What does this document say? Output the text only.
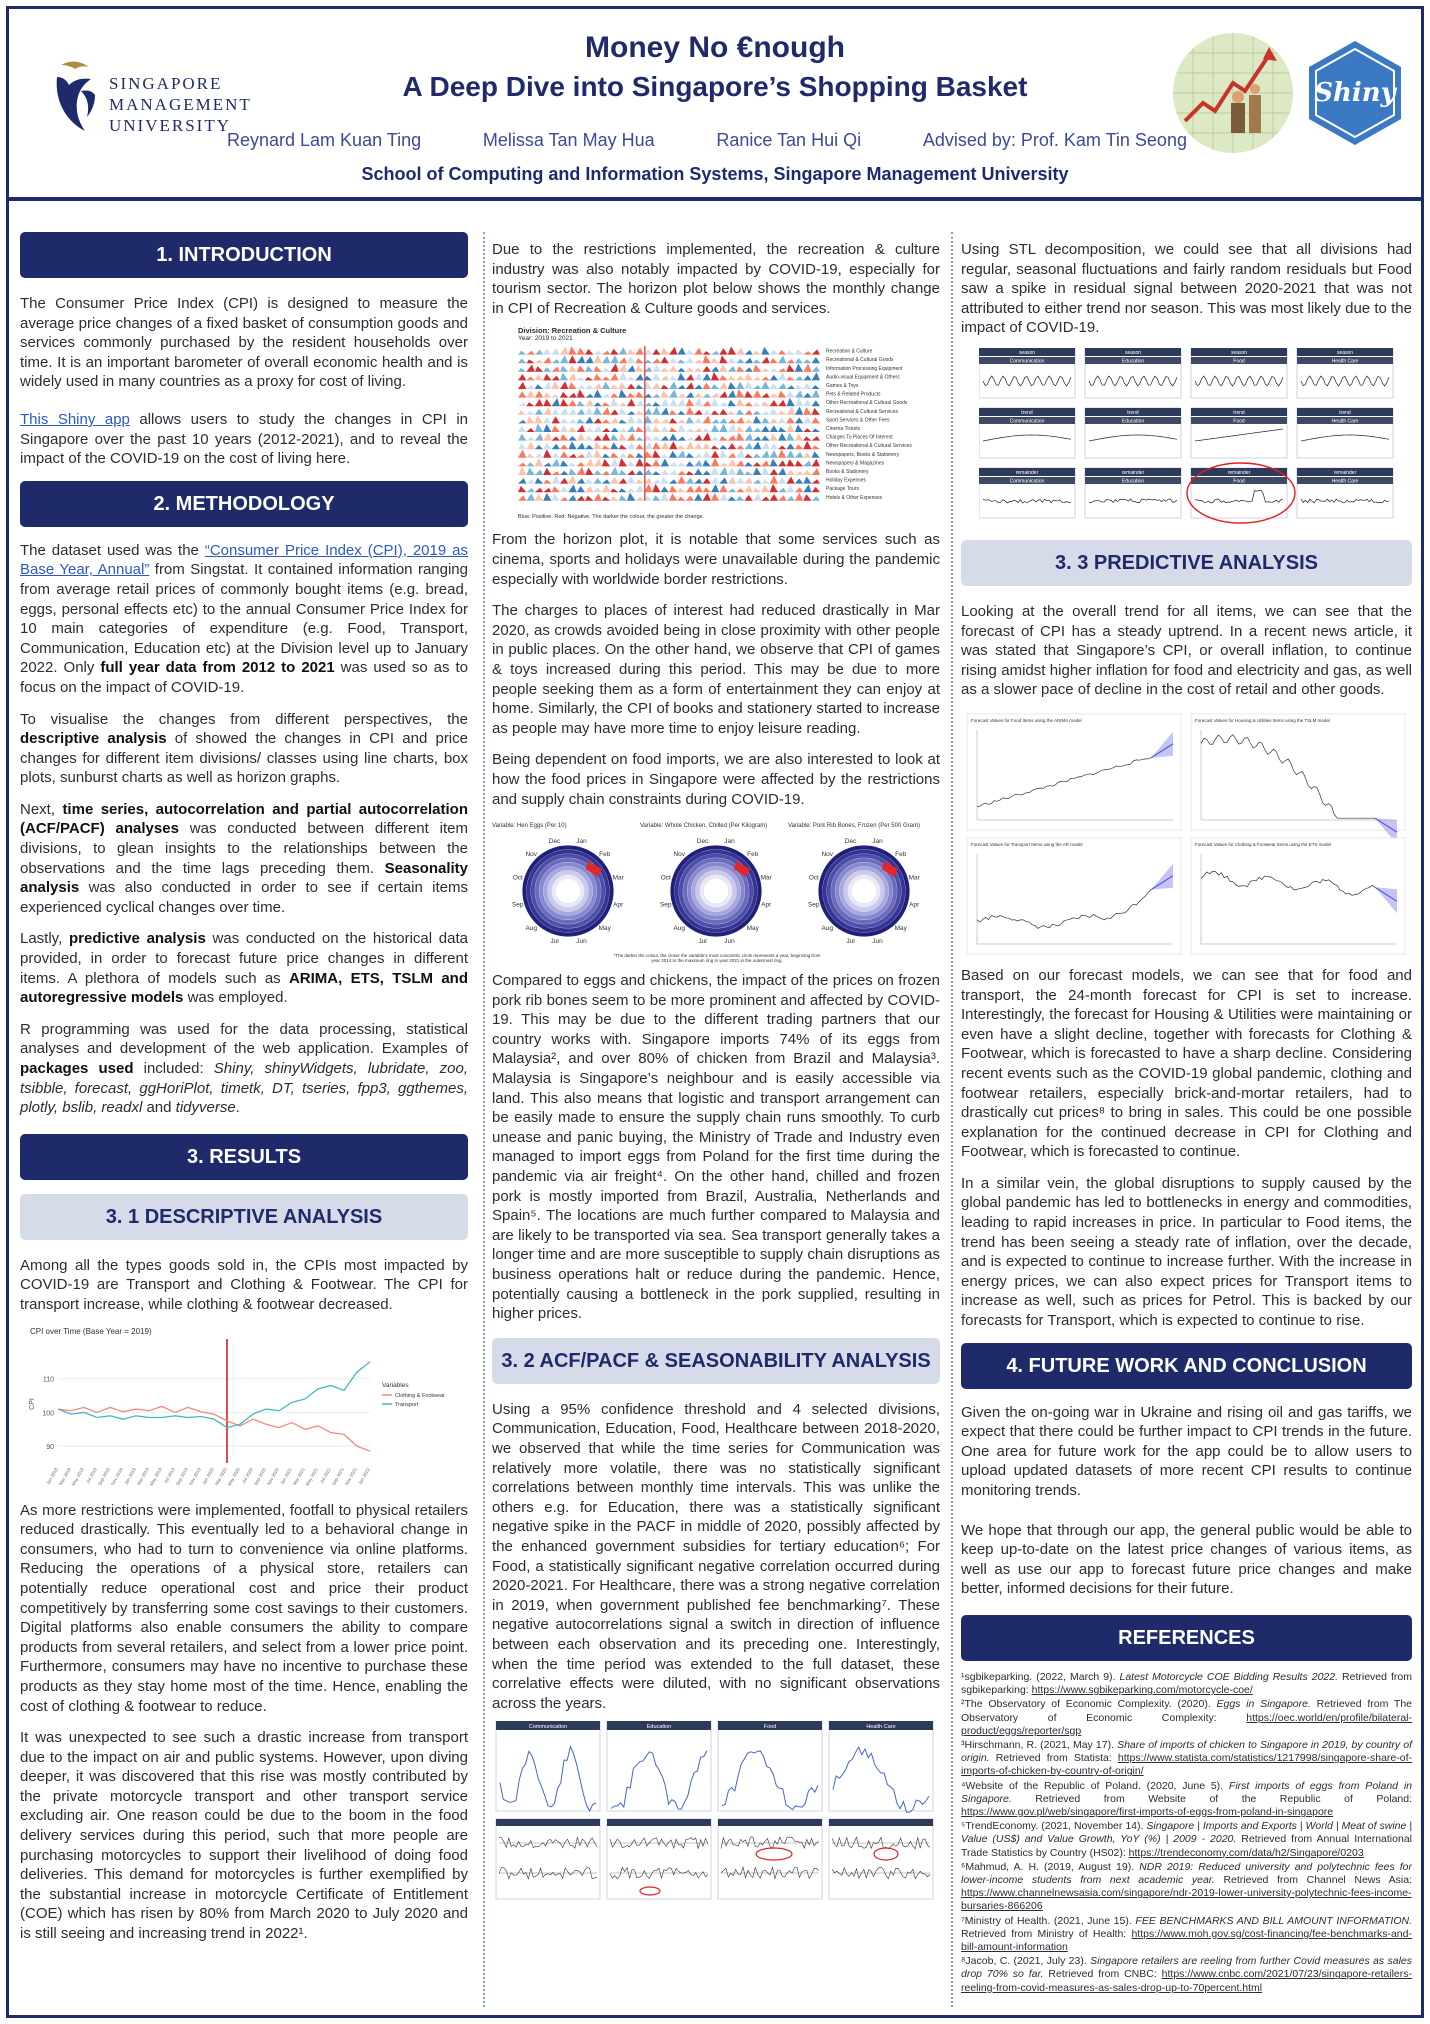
SINGAPORE
MANAGEMENT
UNIVERSITY
Money No €nough
A Deep Dive into Singapore’s Shopping Basket
Reynard Lam Kuan Ting	Melissa Tan May Hua	Ranice Tan Hui Qi	Advised by: Prof. Kam Tin Seong
School of Computing and Information Systems, Singapore Management University
Shiny
1. INTRODUCTION

The Consumer Price Index (CPI) is designed to measure the average price changes of a fixed basket of consumption goods and services commonly purchased by the resident households over time. It is an important barometer of overall economic health and is widely used in many countries as a proxy for cost of living.

This Shiny app allows users to study the changes in CPI in Singapore over the past 10 years (2012-2021), and to reveal the impact of the COVID-19 on the cost of living here.

2. METHODOLOGY

The dataset used was the “Consumer Price Index (CPI), 2019 as Base Year, Annual” from Singstat. It contained information ranging from average retail prices of commonly bought items (e.g. bread, eggs, personal effects etc) to the annual Consumer Price Index for 10 main categories of expenditure (e.g. Food, Transport, Communication, Education etc) at the Division level up to January 2022. Only full year data from 2012 to 2021 was used so as to focus on the impact of COVID-19.

To visualise the changes from different perspectives, the descriptive analysis of showed the changes in CPI and price changes for different item divisions/ classes using line charts, box plots, sunburst charts as well as horizon graphs.

Next, time series, autocorrelation and partial autocorrelation (ACF/PACF) analyses was conducted between different item divisions, to glean insights to the relationships between the observations and the time lags preceding them. Seasonality analysis was also conducted in order to see if certain items experienced cyclical changes over time.

Lastly, predictive analysis was conducted on the historical data provided, in order to forecast future price changes in different items. A plethora of models such as ARIMA, ETS, TSLM and autoregressive models was employed.

R programming was used for the data processing, statistical analyses and development of the web application. Examples of packages used included: Shiny, shinyWidgets, lubridate, zoo, tsibble, forecast, ggHoriPlot, timetk, DT, tseries, fpp3, ggthemes, plotly, bslib, readxl and tidyverse.

3. RESULTS
3. 1 DESCRIPTIVE ANALYSIS

Among all the types goods sold in, the CPIs most impacted by COVID-19 are Transport and Clothing & Footwear. The CPI for transport increase, while clothing & footwear decreased.

CPI over Time (Base Year = 2019)
90
100
110
CPI
Jan 2018 Mar 2018
May 2018 Jul 2018 Sep 2018 Nov 2018 Jan 2019 Mar 2019
May 2019 Jul 2019 Sep 2019 Nov 2019 Jan 2020 Mar 2020
May 2020 Jul 2020 Sep 2020 Nov 2020 Jan 2021 Mar 2021
May 2021 Jul 2021 Sep 2021 Nov 2021 Jan 2022
Variables
Clothing & Footwear
Transport

As more restrictions were implemented, footfall to physical retailers reduced drastically. This eventually led to a behavioral change in consumers, who had to turn to convenience via online platforms. Reducing the operations of a physical store, retailers can potentially reduce operational cost and price their product competitively by transferring some cost savings to their customers. Digital platforms also enable consumers the ability to compare products from several retailers, and select from a lower price point. Furthermore, consumers may have no incentive to purchase these products as they stay home most of the time. Hence, enabling the cost of clothing & footwear to reduce.

It was unexpected to see such a drastic increase from transport due to the impact on air and public systems. However, upon diving deeper, it was discovered that this rise was mostly contributed by the private motorcycle transport and other transport service excluding air. One reason could be due to the boom in the food delivery services during this period, such that more people are purchasing motorcycles to support their livelihood of doing food deliveries. This demand for motorcycles is further exemplified by the substantial increase in motorcycle Certificate of Entitlement (COE) which has risen by 80% from March 2020 to July 2020 and is still seeing and increasing trend in 2022¹.

Due to the restrictions implemented, the recreation & culture industry was also notably impacted by COVID-19, especially for tourism sector. The horizon plot below shows the monthly change in CPI of Recreation & Culture goods and services.

Division: Recreation & Culture
Year: 2019 to 2021
Recreation & Culture
Recreational & Cultural Goods
Information Processing Equipment
Audio-visual Equipment & Others
Games & Toys
Pets & Related Products
Other Recreational & Cultural Goods
Recreational & Cultural Services
Sport Services & Other Fees
Cinema Tickets
Charges To Places Of Interest
Other Recreational & Cultural Services
Newspapers, Books & Stationery
Newspapers & Magazines
Books & Stationery
Holiday Expenses
Package Tours
Hotels & Other Expenses
Blue: Positive. Red: Negative. The darker the colour, the greater the change.

From the horizon plot, it is notable that some services such as cinema, sports and holidays were unavailable during the pandemic especially with worldwide border restrictions.

The charges to places of interest had reduced drastically in Mar 2020, as crowds avoided being in close proximity with other people in public places. On the other hand, we observe that CPI of games & toys increased during this period. This may be due to more people seeking them as a form of entertainment they can enjoy at home. Similarly, the CPI of books and stationery started to increase as people may have more time to enjoy leisure reading.

Being dependent on food imports, we are also interested to look at how the food prices in Singapore were affected by the restrictions and supply chain constraints during COVID-19.

Variable: Hen Eggs (Per 10)
Jan
Feb
Mar
Apr
May
Jun
Jul
Aug
Sep
Oct
Nov
Dec
Variable: Whole Chicken, Chilled (Per Kilogram)
Jan
Feb
Mar
Apr
May
Jun
Jul
Aug
Sep
Oct
Nov
Dec
Variable: Pork Rib Bones, Frozen (Per 500 Gram)
Jan
Feb
Mar
Apr
May
Jun
Jul
Aug
Sep
Oct
Nov
Dec
*The darker the colour, the closer the variable’s most concentric circle represents a year, beginning from year 2014 to the maximum ring in year 2021 in the outermost ring.

Compared to eggs and chickens, the impact of the prices on frozen pork rib bones seem to be more prominent and affected by COVID-19. This may be due to the different trading partners that our country works with. Singapore imports 74% of its eggs from Malaysia², and over 80% of chicken from Brazil and Malaysia³. Malaysia is Singapore’s neighbour and is easily accessible via land. This also means that logistic and transport arrangement can be easily made to ensure the supply chain runs smoothly. To curb unease and panic buying, the Ministry of Trade and Industry even managed to import eggs from Poland for the first time during the pandemic via air freight⁴. On the other hand, chilled and frozen pork is mostly imported from Brazil, Australia, Netherlands and Spain⁵. The locations are much further compared to Malaysia and are likely to be transported via sea. Sea transport generally takes a longer time and are more susceptible to supply chain disruptions as business operations halt or reduce during the pandemic. Hence, potentially causing a bottleneck in the pork supplied, resulting in higher prices.

3. 2 ACF/PACF & SEASONABILITY ANALYSIS

Using a 95% confidence threshold and 4 selected divisions, Communication, Education, Food, Healthcare between 2018-2020, we observed that while the time series for Communication was relatively more volatile, there was no statistically significant correlations between monthly time intervals. This was unlike the others e.g. for Education, there was a statistically significant negative spike in the PACF in middle of 2020, possibly affected by the enhanced government subsidies for tertiary education⁶; For Food, a statistically significant negative correlation occurred during 2020-2021. For Healthcare, there was a strong negative correlation in 2019, when government published fee benchmarking⁷. These negative autocorrelations signal a switch in direction of influence between each observation and its preceding one. Interestingly, when the time period was extended to the full dataset, these correlative effects were diluted, with no significant observations across the years.

Communication	Education	Food	Health Care

Using STL decomposition, we could see that all divisions had regular, seasonal fluctuations and fairly random residuals but Food saw a spike in residual signal between 2020-2021 that was not attributed to either trend nor season. This was most likely due to the impact of COVID-19.

season
Communication
season
Education
season
Food
season
Health Care
trend
Communication
trend
Education
trend
Food
trend
Health Care
remainder
Communication
remainder
Education
remainder
Food
remainder
Health Care
3. 3 PREDICTIVE ANALYSIS

Looking at the overall trend for all items, we can see that the forecast of CPI has a steady uptrend. In a recent news article, it was stated that Singapore’s CPI, or overall inflation, to continue rising amidst higher inflation for food and electricity and gas, as well as a slower pace of decline in the cost of retail and other goods.

Forecast Values for Food Items using the ARIMA model	Forecast Values for Housing & Utilities Items using the TSLM model
Forecast Values for Transport Items using the AR model	Forecast Values for Clothing & Footwear Items using the ETS model

Based on our forecast models, we can see that for food and transport, the 24-month forecast for CPI is set to increase. Interestingly, the forecast for Housing & Utilities were maintaining or even have a slight decline, together with forecasts for Clothing & Footwear, which is forecasted to have a sharp decline. Considering recent events such as the COVID-19 global pandemic, clothing and footwear retailers, especially brick-and-mortar retailers, had to drastically cut prices⁸ to bring in sales. This could be one possible explanation for the continued decrease in CPI for Clothing and Footwear, which is forecasted to continue.

In a similar vein, the global disruptions to supply caused by the global pandemic has led to bottlenecks in energy and commodities, leading to rapid increases in price. In particular to Food items, the trend has been seeing a steady rate of inflation, over the decade, and is expected to continue to increase further. With the increase in energy prices, we can also expect prices for Transport items to increase as well, such as prices for Petrol. This is backed by our forecasts for Transport, which is expected to continue to rise.

4. FUTURE WORK AND CONCLUSION

Given the on-going war in Ukraine and rising oil and gas tariffs, we expect that there could be further impact to CPI trends in the future. One area for future work for the app could be to allow users to upload updated datasets of more recent CPI results to continue monitoring trends.

We hope that through our app, the general public would be able to keep up-to-date on the latest price changes of various items, as well as use our app to forecast future price changes and make better, informed decisions for their future.

REFERENCES

¹sgbikeparking. (2022, March 9). Latest Motorcycle COE Bidding Results 2022. Retrieved from sgbikeparking: https://www.sgbikeparking.com/motorcycle-coe/

²The Observatory of Economic Complexity. (2020). Eggs in Singapore. Retrieved from The Observatory of Economic Complexity: https://oec.world/en/profile/bilateral-product/eggs/reporter/sgp

³Hirschmann, R. (2021, May 17). Share of imports of chicken to Singapore in 2019, by country of origin. Retrieved from Statista: https://www.statista.com/statistics/1217998/singapore-share-of-imports-of-chicken-by-country-of-origin/

⁴Website of the Republic of Poland. (2020, June 5). First imports of eggs from Poland in Singapore. Retrieved from Website of the Republic of Poland: https://www.gov.pl/web/singapore/first-imports-of-eggs-from-poland-in-singapore

⁵TrendEconomy. (2021, November 14). Singapore | Imports and Exports | World | Meat of swine | Value (US$) and Value Growth, YoY (%) | 2009 - 2020. Retrieved from Annual International Trade Statistics by Country (HS02): https://trendeconomy.com/data/h2/Singapore/0203

⁶Mahmud, A. H. (2019, August 19). NDR 2019: Reduced university and polytechnic fees for lower-income students from next academic year. Retrieved from Channel News Asia: https://www.channelnewsasia.com/singapore/ndr-2019-lower-university-polytechnic-fees-income-bursaries-866206

⁷Ministry of Health. (2021, June 15). FEE BENCHMARKS AND BILL AMOUNT INFORMATION. Retrieved from Ministry of Health: https://www.moh.gov.sg/cost-financing/fee-benchmarks-and-bill-amount-information

⁸Jacob, C. (2021, July 23). Singapore retailers are reeling from further Covid measures as sales drop 70% so far. Retrieved from CNBC: https://www.cnbc.com/2021/07/23/singapore-retailers-reeling-from-covid-measures-as-sales-drop-up-to-70percent.html
